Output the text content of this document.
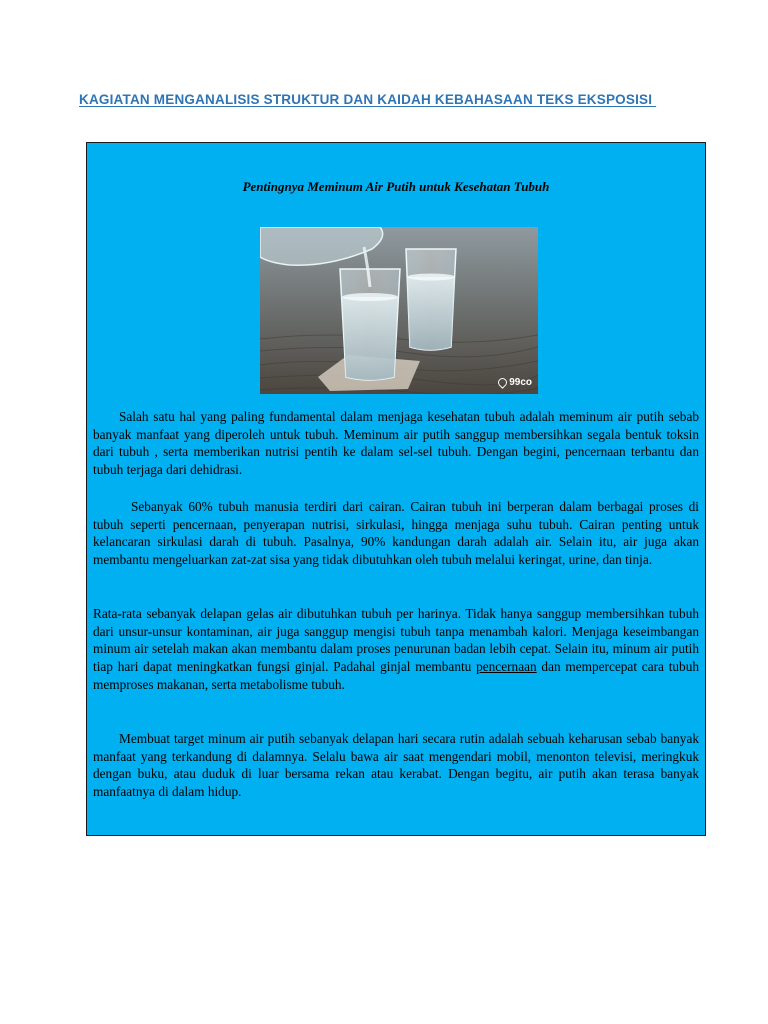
KAGIATAN MENGANALISIS STRUKTUR DAN KAIDAH KEBAHASAAN TEKS EKSPOSISI
Pentingnya Meminum Air Putih untuk Kesehatan Tubuh
99co

Salah satu hal yang paling fundamental dalam menjaga kesehatan tubuh adalah meminum air putih sebab banyak manfaat yang diperoleh untuk tubuh. Meminum air putih sanggup membersihkan segala bentuk toksin dari tubuh , serta memberikan nutrisi pentih ke dalam sel-sel tubuh. Dengan begini, pencernaan terbantu dan tubuh terjaga dari dehidrasi.

Sebanyak 60% tubuh manusia terdiri dari cairan. Cairan tubuh ini berperan dalam berbagai proses di tubuh seperti pencernaan, penyerapan nutrisi, sirkulasi, hingga menjaga suhu tubuh. Cairan penting untuk kelancaran sirkulasi darah di tubuh. Pasalnya, 90% kandungan darah adalah air. Selain itu, air juga akan membantu mengeluarkan zat-zat sisa yang tidak dibutuhkan oleh tubuh melalui keringat, urine, dan tinja.

Rata-rata sebanyak delapan gelas air dibutuhkan tubuh per harinya. Tidak hanya sanggup membersihkan tubuh dari unsur-unsur kontaminan, air juga sanggup mengisi tubuh tanpa menambah kalori. Menjaga keseimbangan minum air setelah makan akan membantu dalam proses penurunan badan lebih cepat. Selain itu, minum air putih tiap hari dapat meningkatkan fungsi ginjal. Padahal ginjal membantu pencernaan dan mempercepat cara tubuh memproses makanan, serta metabolisme tubuh.

Membuat target minum air putih sebanyak delapan hari secara rutin adalah sebuah keharusan sebab banyak manfaat yang terkandung di dalamnya. Selalu bawa air saat mengendari mobil, menonton televisi, meringkuk dengan buku, atau duduk di luar bersama rekan atau kerabat. Dengan begitu, air putih akan terasa banyak manfaatnya di dalam hidup.
